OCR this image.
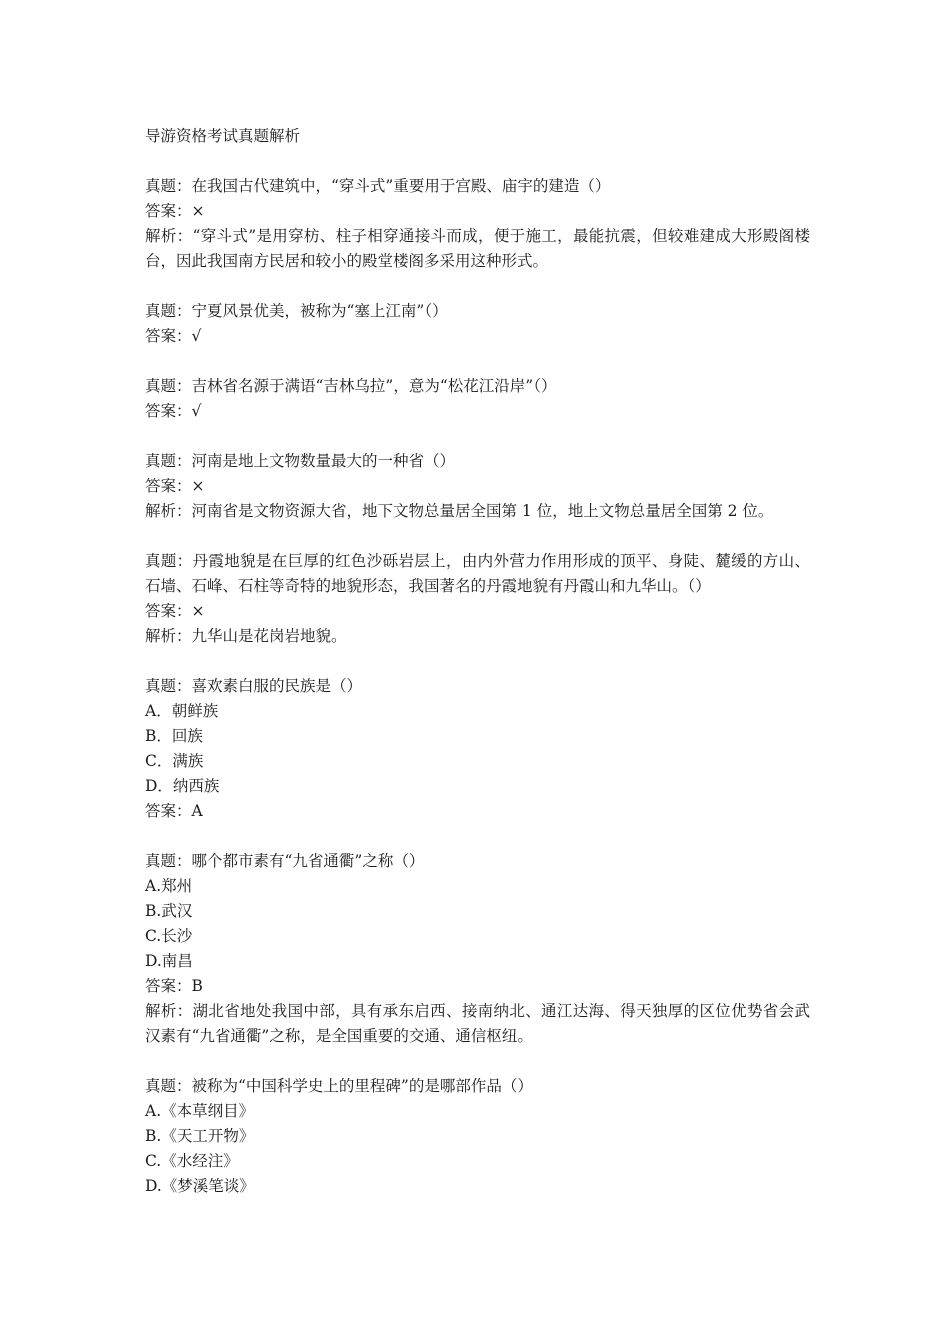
导游资格考试真题解析
真题：在我国古代建筑中，“穿斗式”重要用于宫殿、庙宇的建造（）
答案：×
解析：“穿斗式”是用穿枋、柱子相穿通接斗而成，便于施工，最能抗震，但较难建成大形殿阁楼台，因此我国南方民居和较小的殿堂楼阁多采用这种形式。
真题：宁夏风景优美，被称为“塞上江南”（）
答案：√
真题：吉林省名源于满语“吉林乌拉”，意为“松花江沿岸”（）
答案：√
真题：河南是地上文物数量最大的一种省（）
答案：×
解析：河南省是文物资源大省，地下文物总量居全国第 1 位，地上文物总量居全国第 2 位。
真题：丹霞地貌是在巨厚的红色沙砾岩层上，由内外营力作用形成的顶平、身陡、麓缓的方山、石墙、石峰、石柱等奇特的地貌形态，我国著名的丹霞地貌有丹霞山和九华山。（）
答案：×
解析：九华山是花岗岩地貌。
真题：喜欢素白服的民族是（）
A．朝鲜族
B．回族
C．满族
D．纳西族
答案：A
真题：哪个都市素有“九省通衢”之称（）
A.郑州
B.武汉
C.长沙
D.南昌
答案：B
解析：湖北省地处我国中部，具有承东启西、接南纳北、通江达海、得天独厚的区位优势省会武汉素有“九省通衢”之称，是全国重要的交通、通信枢纽。
真题：被称为“中国科学史上的里程碑”的是哪部作品（）
A.《本草纲目》
B.《天工开物》
C.《水经注》
D.《梦溪笔谈》
